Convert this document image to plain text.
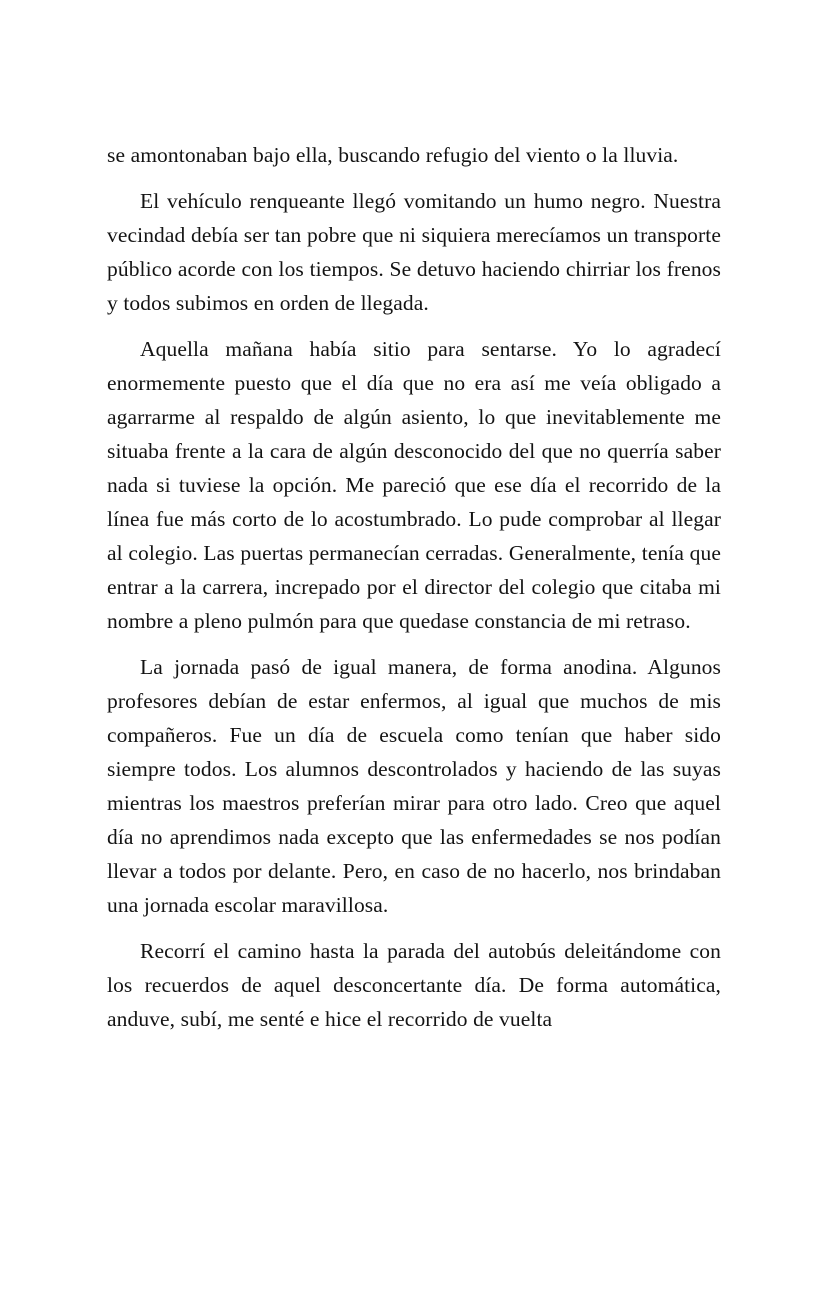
se amontonaban bajo ella, buscando refugio del viento o la lluvia.

El vehículo renqueante llegó vomitando un humo negro. Nuestra vecindad debía ser tan pobre que ni siquiera merecíamos un transporte público acorde con los tiempos. Se detuvo haciendo chirriar los frenos y todos subimos en orden de llegada.

Aquella mañana había sitio para sentarse. Yo lo agradecí enormemente puesto que el día que no era así me veía obligado a agarrarme al respaldo de algún asiento, lo que inevitablemente me situaba frente a la cara de algún desconocido del que no querría saber nada si tuviese la opción. Me pareció que ese día el recorrido de la línea fue más corto de lo acostumbrado. Lo pude comprobar al llegar al colegio. Las puertas permanecían cerradas. Generalmente, tenía que entrar a la carrera, increpado por el director del colegio que citaba mi nombre a pleno pulmón para que quedase constancia de mi retraso.

La jornada pasó de igual manera, de forma anodina. Algunos profesores debían de estar enfermos, al igual que muchos de mis compañeros. Fue un día de escuela como tenían que haber sido siempre todos. Los alumnos descontrolados y haciendo de las suyas mientras los maestros preferían mirar para otro lado. Creo que aquel día no aprendimos nada excepto que las enfermedades se nos podían llevar a todos por delante. Pero, en caso de no hacerlo, nos brindaban una jornada escolar maravillosa.

Recorrí el camino hasta la parada del autobús deleitándome con los recuerdos de aquel desconcertante día. De forma automática, anduve, subí, me senté e hice el recorrido de vuelta
